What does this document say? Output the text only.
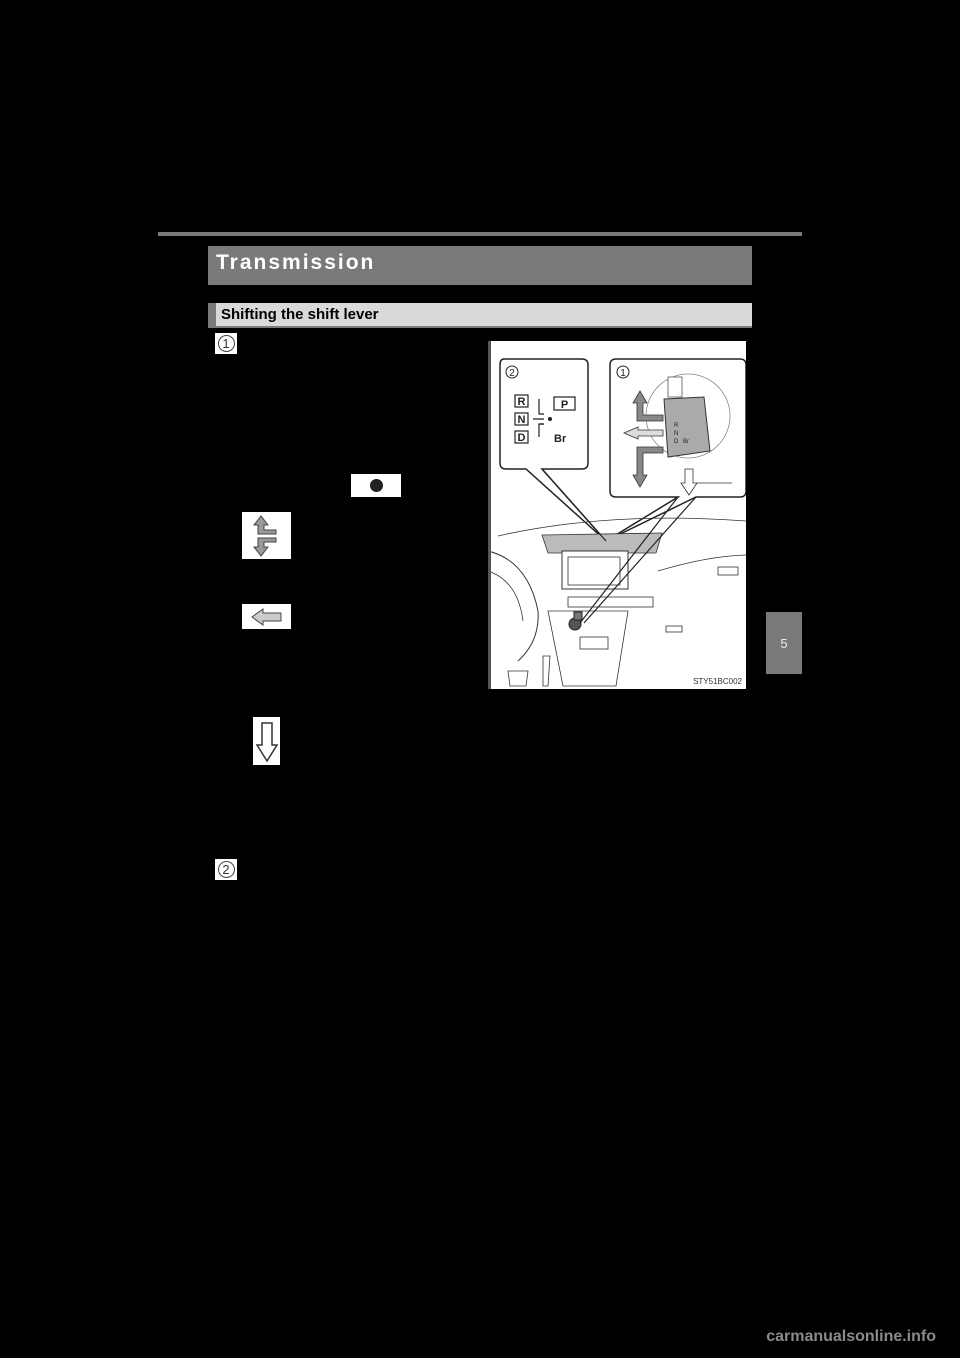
Transmission
Shifting the shift lever
1
2
2
R
N
D
P
Br
1
R
N
D Br
STY51BC002
5
carmanualsonline.info
